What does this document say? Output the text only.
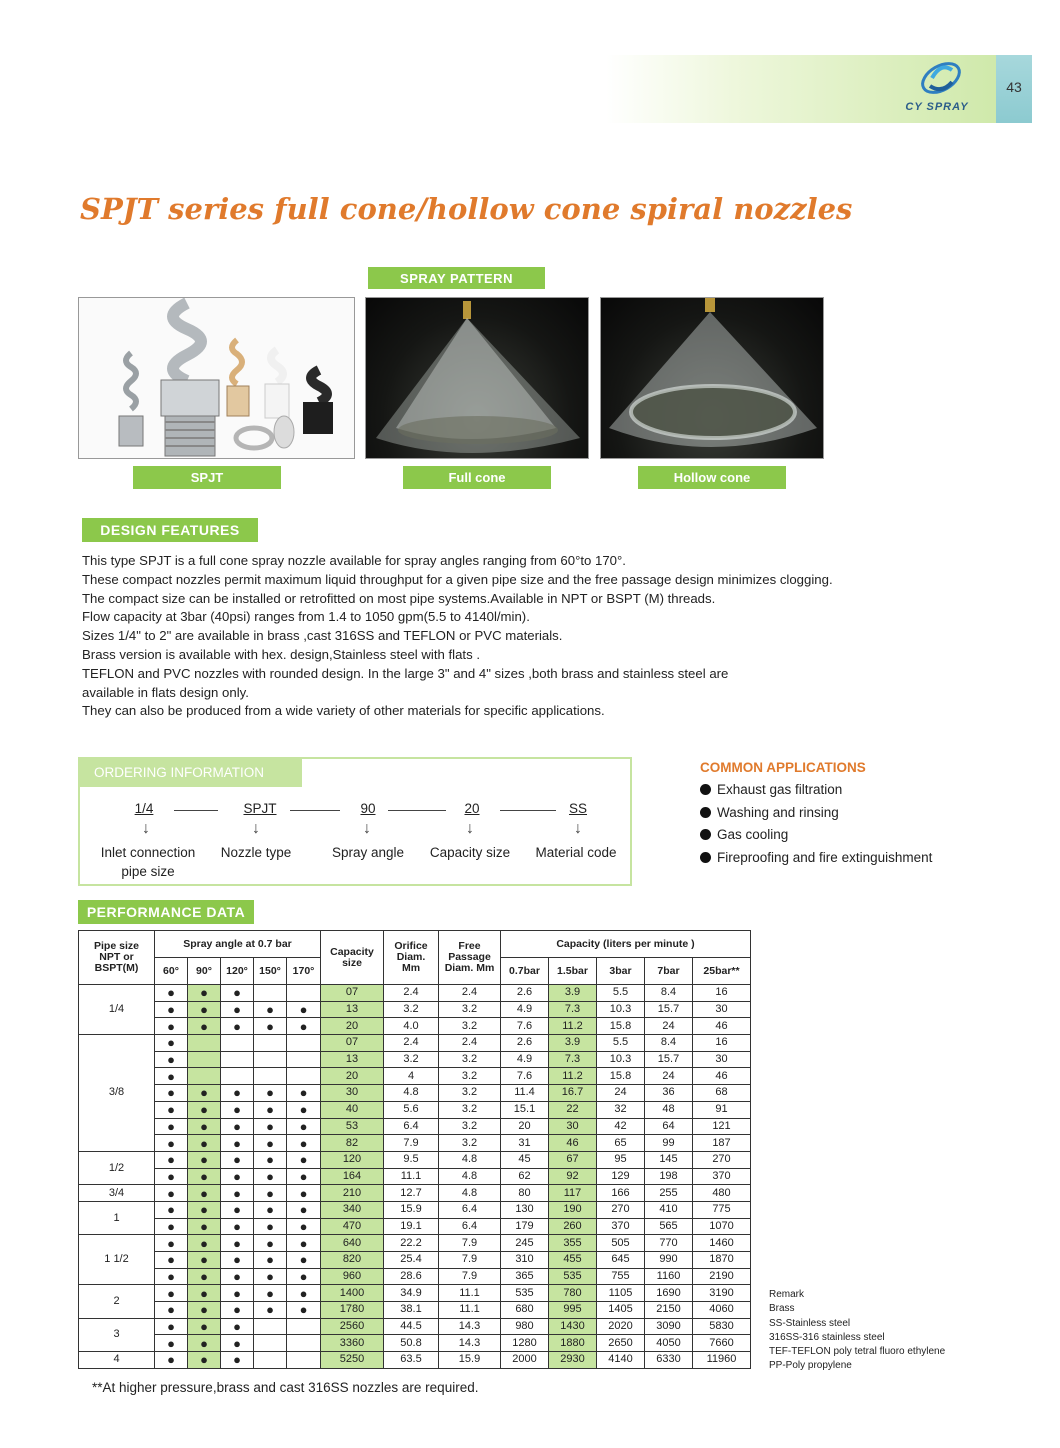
CY SPRAY
43
SPJT series full cone/hollow cone spiral nozzles
SPRAY PATTERN
SPJT	Full cone	Hollow cone
DESIGN FEATURES

This type SPJT is a full cone spray nozzle available for spray angles ranging from 60°to 170°.

These compact nozzles permit maximum liquid throughput for a given pipe size and the free passage design minimizes clogging.

The compact size can be installed or retrofitted on most pipe systems.Available in NPT or BSPT (M) threads.

Flow capacity at 3bar (40psi) ranges from 1.4 to 1050 gpm(5.5 to 4140l/min).

Sizes 1/4" to 2" are available in brass ,cast 316SS and TEFLON or PVC materials.

Brass version is available with hex. design,Stainless steel with flats .

TEFLON and PVC nozzles with rounded design. In the large 3" and 4" sizes ,both brass and stainless steel are

available in flats design only.

They can also be produced from a wide variety of other materials for specific applications.

ORDERING INFORMATION
1/4	SPJT	90	20	SS
↓	↓	↓	↓	↓
Inlet connection
pipe size
Nozzle type	Spray angle	Capacity size	Material code
COMMON APPLICATIONS
Exhaust gas filtration
Washing and rinsing
Gas cooling
Fireproofing and fire extinguishment
PERFORMANCE DATA
Pipe size NPT or BSPT(M)	Spray angle at 0.7 bar					Capacity size	Orifice Diam. Mm	Free Passage Diam. Mm	Capacity (liters per minute )				
	60°	90°	120°	150°	170°				0.7bar	1.5bar	3bar	7bar	25bar**
1/4	●	●	●			07	2.4	2.4	2.6	3.9	5.5	8.4	16
	●	●	●	●	●	13	3.2	3.2	4.9	7.3	10.3	15.7	30
	●	●	●	●	●	20	4.0	3.2	7.6	11.2	15.8	24	46
3/8	●					07	2.4	2.4	2.6	3.9	5.5	8.4	16
	●					13	3.2	3.2	4.9	7.3	10.3	15.7	30
	●					20	4	3.2	7.6	11.2	15.8	24	46
	●	●	●	●	●	30	4.8	3.2	11.4	16.7	24	36	68
	●	●	●	●	●	40	5.6	3.2	15.1	22	32	48	91
	●	●	●	●	●	53	6.4	3.2	20	30	42	64	121
	●	●	●	●	●	82	7.9	3.2	31	46	65	99	187
1/2	●	●	●	●	●	120	9.5	4.8	45	67	95	145	270
	●	●	●	●	●	164	11.1	4.8	62	92	129	198	370
3/4	●	●	●	●	●	210	12.7	4.8	80	117	166	255	480
1	●	●	●	●	●	340	15.9	6.4	130	190	270	410	775
	●	●	●	●	●	470	19.1	6.4	179	260	370	565	1070
1 1/2	●	●	●	●	●	640	22.2	7.9	245	355	505	770	1460
	●	●	●	●	●	820	25.4	7.9	310	455	645	990	1870
	●	●	●	●	●	960	28.6	7.9	365	535	755	1160	2190
2	●	●	●	●	●	1400	34.9	11.1	535	780	1105	1690	3190
	●	●	●	●	●	1780	38.1	11.1	680	995	1405	2150	4060
3	●	●	●			2560	44.5	14.3	980	1430	2020	3090	5830
	●	●	●			3360	50.8	14.3	1280	1880	2650	4050	7660
4	●	●	●			5250	63.5	15.9	2000	2930	4140	6330	11960
Remark
Brass
SS-Stainless steel
316SS-316 stainless steel
TEF-TEFLON poly tetral fluoro ethylene
PP-Poly propylene
**At higher pressure,brass and cast 316SS nozzles are required.
